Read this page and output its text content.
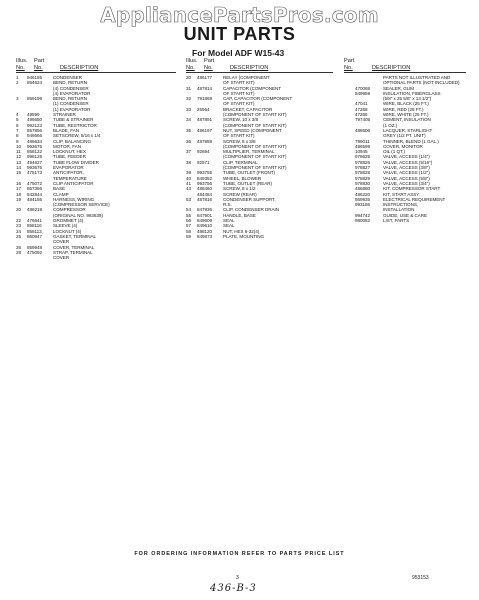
AppliancePartsPros.com
UNIT PARTS
For Model ADF W15-43
Illus.
No.
Part
No.	DESCRIPTION
1	946185	CONDENSER
2	854624	BEND, RETURN
(4) CONDENSER
(4) EVAPORATOR
3	859199	BEND, RETURN
(1) CONDENSER
(1) EVAPORATOR
4	49599	STRAINER
5	496650	TUBE & STRAINER
6	992123	TUBE, RESTRICTOR
7	857856	BLADE, FAN
8	946666	SETSCREW, 5/16 x 1/4
9	486634	CLIP, BALANCING
10	993675	MOTOR, FAN
11	858122	LOCKNUT, HEX
12	998128	TUBE, FEEDER
13	494627	TUBE FLOW DIVIDER
14	993676	EVAPORATOR
15	475173	ANTICIPATOR,
TEMPERATURE
16	475072	CLIP ANTICIPATOR
17	857356	BASE
18	842844	CLAMP
19	484156	HARNESS, WIRING
(COMPRESSOR SERVICE)
20	486219	COMPRESSOR
(ORIGINAL NO. 993639)
22	476641	GROMMET (4)
23	858116	SLEEVE (4)
24	858113	LOCKNUT (4)
25	860947	GASKET, TERMINAL
COVER
26	859948	COVER, TERMINAL
28	475092	STRAP, TERMINAL
COVER
Illus.
No.
Part
No.	DESCRIPTION
30	486177	RELAY (COMPONENT
OF START KIT)
31	487814	CAPACITOR (COMPONENT
OF START KIT)
32	791869	CAP, CAPACITOR (COMPONENT
OF START KIT)
33	25564	BRACKET, CAPACITOR
(COMPONENT OF START KIT)
34	487891	SCREW, 10 x 3/8
(COMPONENT OF START KIT)
35	486197	NUT, SPEED (COMPONENT
OF START KIT)
36	487859	SCREW, 8 x 3/8
(COMPONENT OF START KIT)
37	92694	MULTIPLIER, TERMINAL
(COMPONENT OF START KIT)
38	92571	CLIP, TERMINAL
(COMPONENT OF START KIT)
39	993755	TUBE, OUTLET (FRONT)
40	849352	WHEEL, BLOWER
41	993756	TUBE, OUTLET (REAR)
43	488460	SCREW, 8 x 1/2
484484	SCREW (REAR)
53	487816	CONDENSER SUPPORT,
R.S.
54	847836	CLIP, CONDENSER DRAIN
55	847901	HANDLE, BASE
56	849609	SEAL
57	849610	SEAL
58	488120	NUT, HEX 6-32(4)
59	849873	PLATE, MOUNTING
Part
No.	DESCRIPTION
PARTS NOT ILLUSTRATED AND
OPTIONAL PARTS (NOT INCLUDED)
470068	SEALER, GUM
849959	INSULATION, FIBERGLASS
(5/8" x 25 5/8" x 13 1/2")
47041	WIRE, BLACK (25 FT.)
47268	WIRE, RED (25 FT.)
47265	WIRE, WHITE (25 FT.)
797405	CEMENT, INSULATION
(1 OZ.)
488606	LACQUER, STARLIGHT
GREY (1/2 PT. UNIT)
799011	THINNER, BLEND (1 GAL.)
486599	COVER, MONITOR
10945	OIL (1 QT.)
978625	VALVE, ACCESS (1/4")
978826	VALVE, ACCESS (5/16")
978827	VALVE, ACCESS (3/8")
978828	VALVE, ACCESS (1/2")
978829	VALVE, ACCESS (5/8")
978830	VALVE, ACCESS (3/4")
486880	KIT, COMPRESSOR START
486220	KIT, START ASSY.
869935	ELECTRICAL REQUIREMENT
993186	INSTRUCTIONS,
INSTALLATION
994742	GUIDE, USE & CARE
980082	LIST, PARTS
FOR ORDERING INFORMATION REFER TO PARTS PRICE LIST
3	953153
436-B-3
